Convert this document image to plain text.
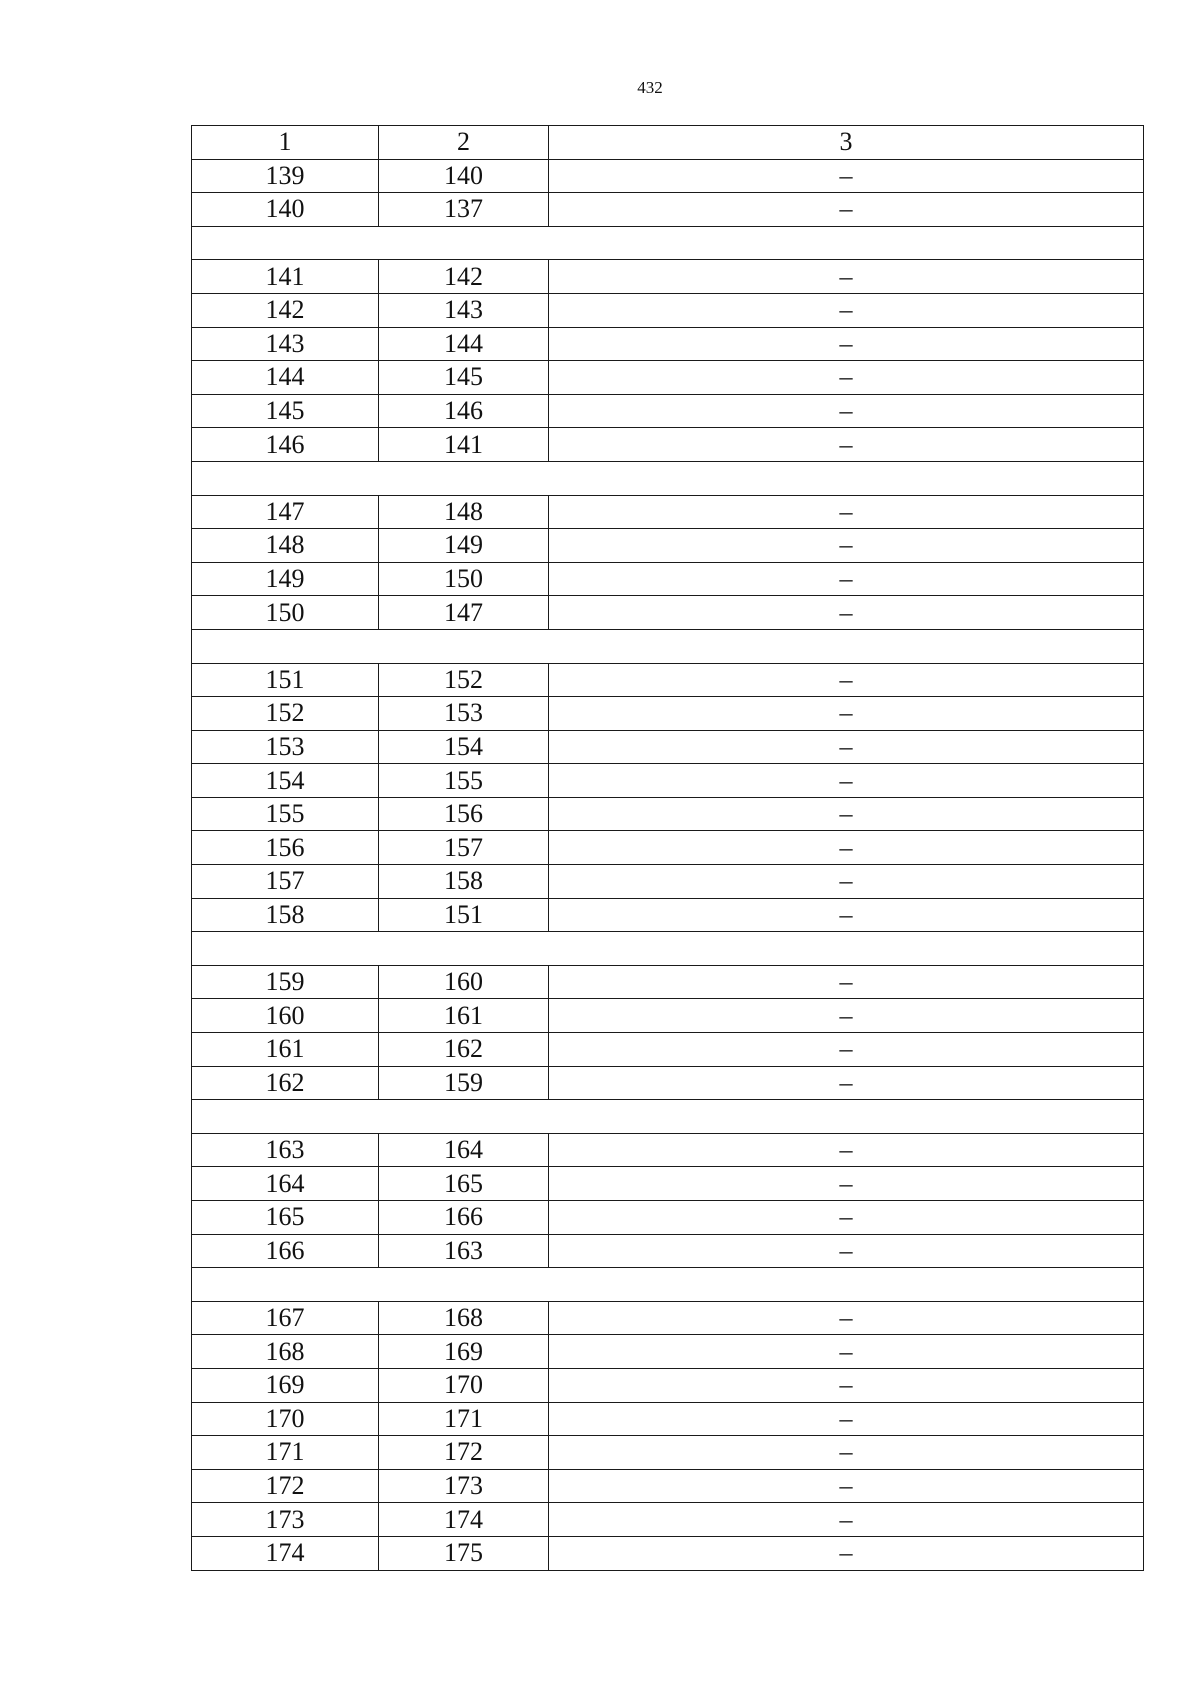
432
1	2	3
139	140	–
140	137	–

141	142	–
142	143	–
143	144	–
144	145	–
145	146	–
146	141	–

147	148	–
148	149	–
149	150	–
150	147	–

151	152	–
152	153	–
153	154	–
154	155	–
155	156	–
156	157	–
157	158	–
158	151	–

159	160	–
160	161	–
161	162	–
162	159	–

163	164	–
164	165	–
165	166	–
166	163	–

167	168	–
168	169	–
169	170	–
170	171	–
171	172	–
172	173	–
173	174	–
174	175	–
